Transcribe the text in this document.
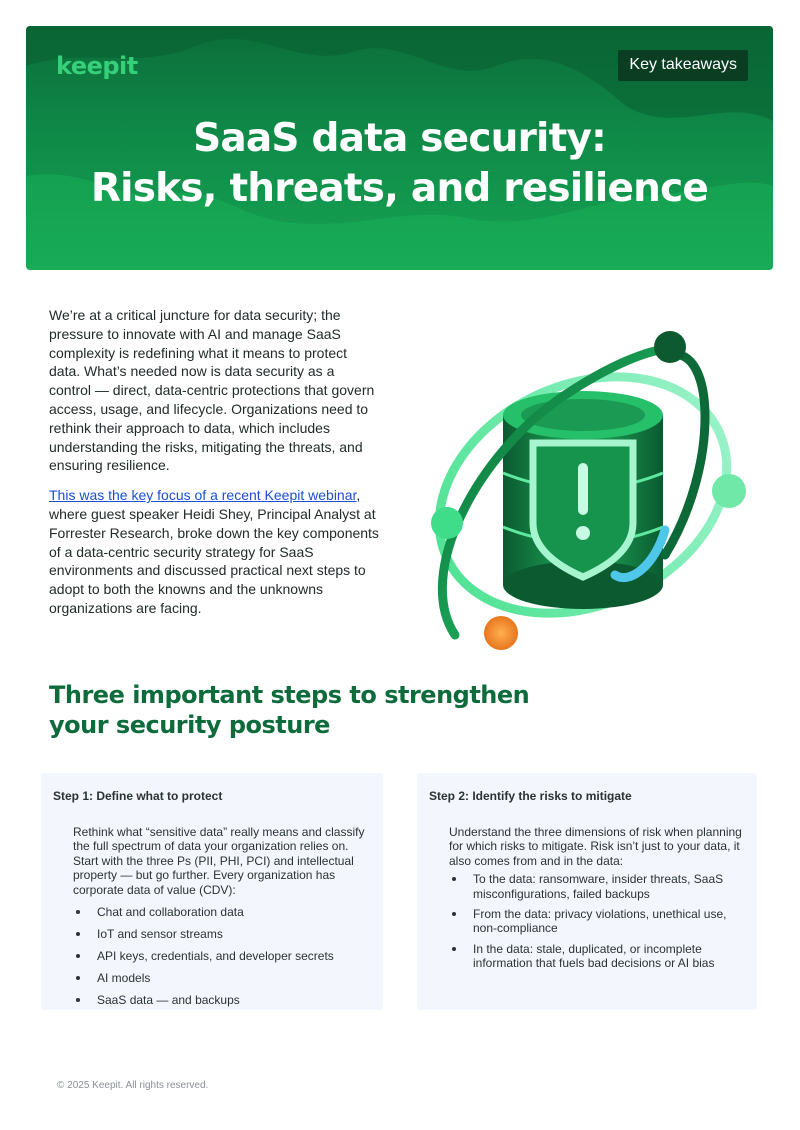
keepit	Key takeaways
SaaS data security:
Risks, threats, and resilience

We’re at a critical juncture for data security; the pressure to innovate with AI and manage SaaS complexity is redefining what it means to protect data. What’s needed now is data security as a control — direct, data-centric protections that govern access, usage, and lifecycle. Organizations need to rethink their approach to data, which includes understanding the risks, mitigating the threats, and ensuring resilience.

This was the key focus of a recent Keepit webinar, where guest speaker Heidi Shey, Principal Analyst at Forrester Research, broke down the key components of a data-centric security strategy for SaaS environments and discussed practical next steps to adopt to both the knowns and the unknowns organizations are facing.

Three important steps to strengthen your security posture
Step 1: Define what to protect

Rethink what “sensitive data” really means and classify the full spectrum of data your organization relies on. Start with the three Ps (PII, PHI, PCI) and intellectual property — but go further. Every organization has corporate data of value (CDV):

Chat and collaboration data
IoT and sensor streams
API keys, credentials, and developer secrets
AI models
SaaS data — and backups
Step 2: Identify the risks to mitigate

Understand the three dimensions of risk when planning for which risks to mitigate. Risk isn’t just to your data, it also comes from and in the data:

To the data: ransomware, insider threats, SaaS misconfigurations, failed backups
From the data: privacy violations, unethical use, non-compliance
In the data: stale, duplicated, or incomplete information that fuels bad decisions or AI bias
© 2025 Keepit. All rights reserved.
